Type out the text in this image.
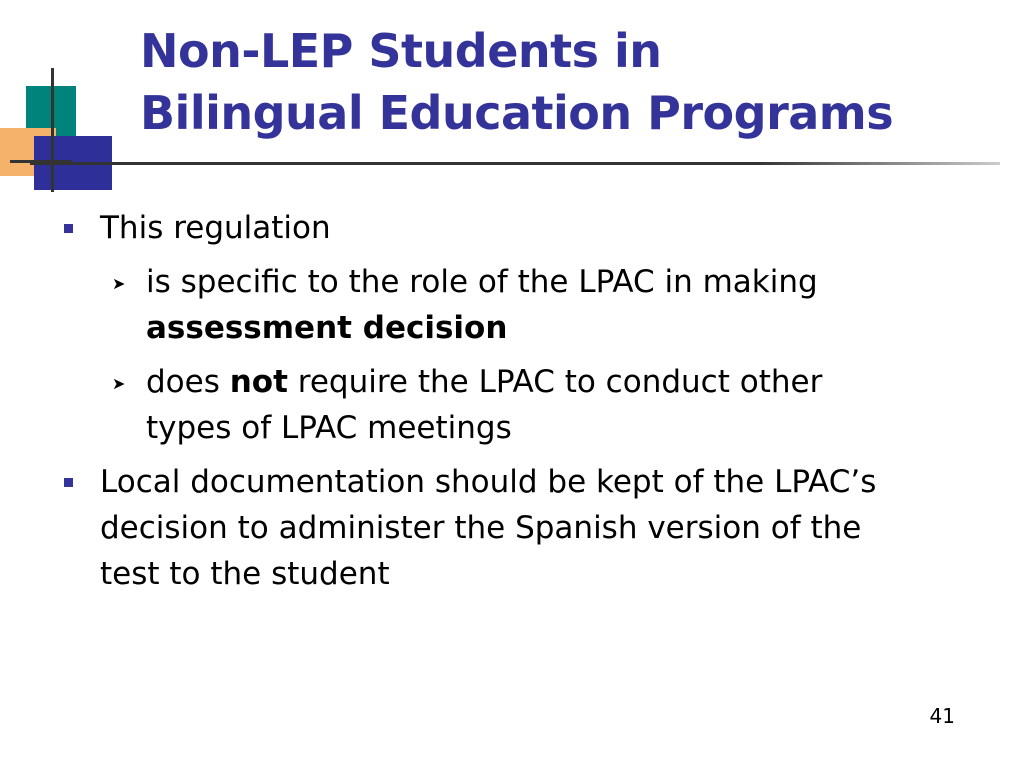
Non-LEP Students in
Bilingual Education Programs
This regulation
➤ is specific to the role of the LPAC in making
assessment decision
➤ does not require the LPAC to conduct other
types of LPAC meetings
Local documentation should be kept of the LPAC’s
decision to administer the Spanish version of the
test to the student
41
